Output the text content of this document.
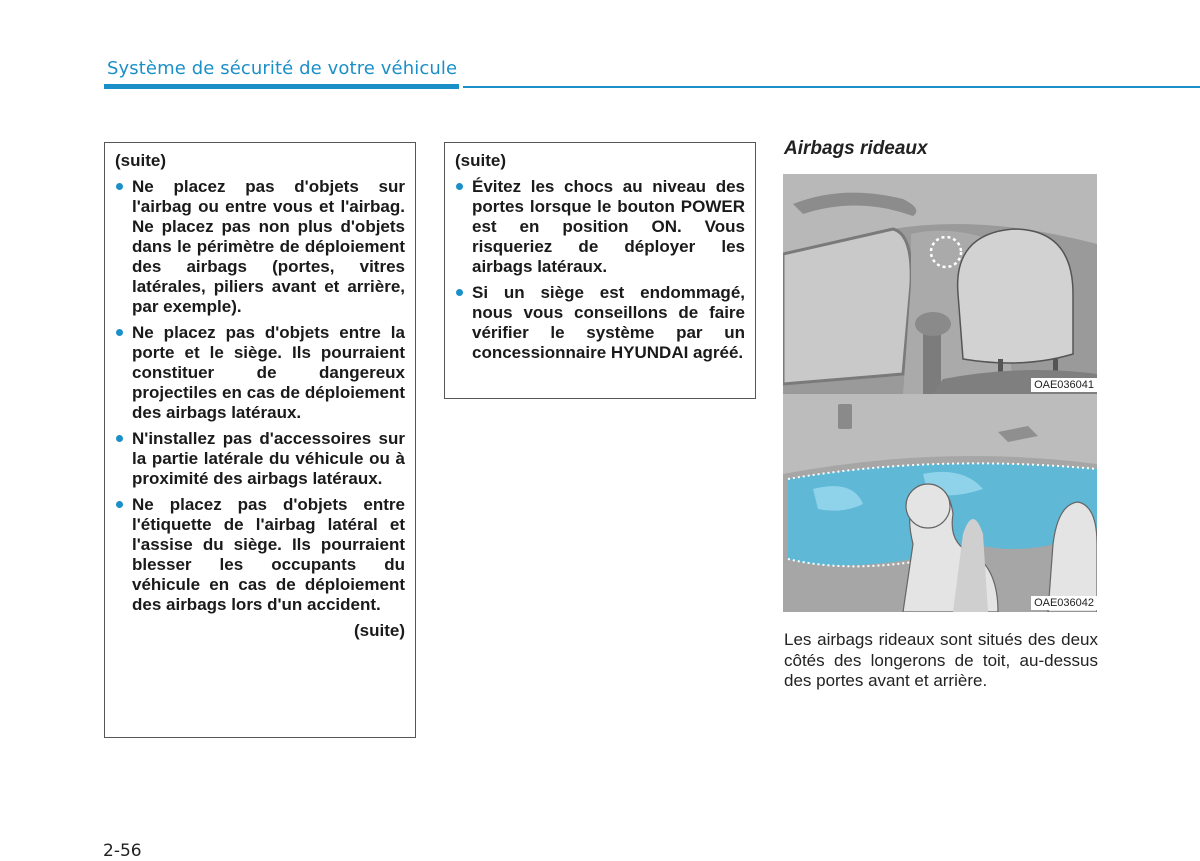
Système de sécurité de votre véhicule
(suite)
Ne placez pas d'objets sur l'airbag ou entre vous et l'airbag. Ne placez pas non plus d'objets dans le périmètre de déploiement des airbags (portes, vitres latérales, piliers avant et arrière, par exemple).
Ne placez pas d'objets entre la porte et le siège. Ils pourraient constituer de dangereux projectiles en cas de déploiement des airbags latéraux.
N'installez pas d'accessoires sur la partie latérale du véhicule ou à proximité des airbags latéraux.
Ne placez pas d'objets entre l'étiquette de l'airbag latéral et l'assise du siège. Ils pourraient blesser les occupants du véhicule en cas de déploiement des airbags lors d'un accident.
(suite)
(suite)
Évitez les chocs au niveau des portes lorsque le bouton POWER est en position ON. Vous risqueriez de déployer les airbags latéraux.
Si un siège est endommagé, nous vous conseillons de faire vérifier le système par un concessionnaire HYUNDAI agréé.
Airbags rideaux
OAE036041
OAE036042
Les airbags rideaux sont situés des deux côtés des longerons de toit, au-dessus des portes avant et arrière.
2-56
